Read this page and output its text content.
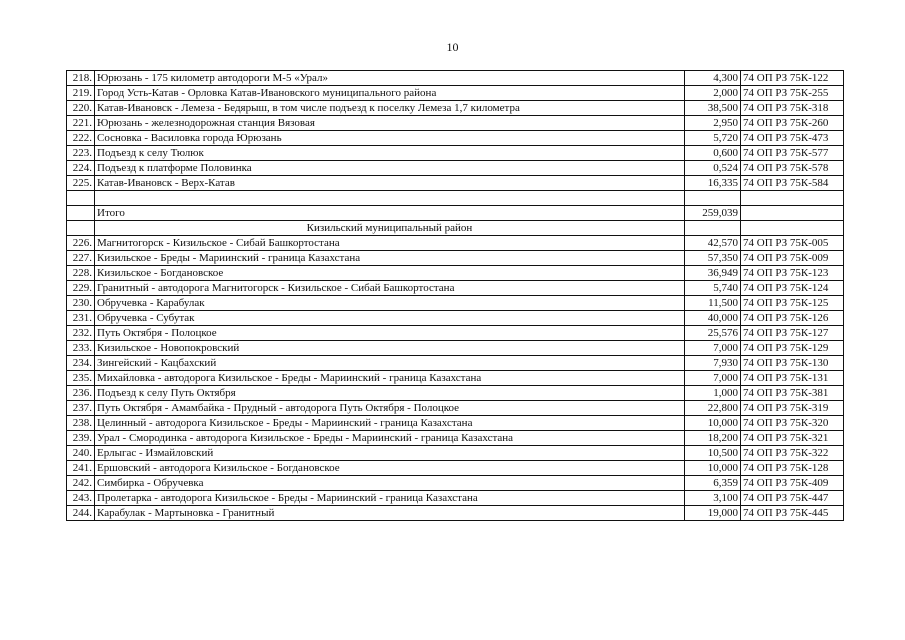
10
218.	Юрюзань - 175 километр автодороги М-5 «Урал»	4,300	74 ОП РЗ 75К-122
219.	Город Усть-Катав - Орловка Катав-Ивановского муниципального района	2,000	74 ОП РЗ 75К-255
220.	Катав-Ивановск - Лемеза - Бедярыш, в том числе подъезд к поселку Лемеза 1,7 километра	38,500	74 ОП РЗ 75К-318
221.	Юрюзань - железнодорожная станция Вязовая	2,950	74 ОП РЗ 75К-260
222.	Сосновка - Василовка города Юрюзань	5,720	74 ОП РЗ 75К-473
223.	Подъезд к селу Тюлюк	0,600	74 ОП РЗ 75К-577
224.	Подъезд к платформе Половинка	0,524	74 ОП РЗ 75К-578
225.	Катав-Ивановск - Верх-Катав	16,335	74 ОП РЗ 75К-584

	Итого	259,039	
	Кизильский муниципальный район		
226.	Магнитогорск - Кизильское - Сибай Башкортостана	42,570	74 ОП РЗ 75К-005
227.	Кизильское - Бреды - Мариинский - граница Казахстана	57,350	74 ОП РЗ 75К-009
228.	Кизильское - Богдановское	36,949	74 ОП РЗ 75К-123
229.	Гранитный - автодорога Магнитогорск - Кизильское - Сибай Башкортостана	5,740	74 ОП РЗ 75К-124
230.	Обручевка - Карабулак	11,500	74 ОП РЗ 75К-125
231.	Обручевка - Субутак	40,000	74 ОП РЗ 75К-126
232.	Путь Октября - Полоцкое	25,576	74 ОП РЗ 75К-127
233.	Кизильское - Новопокровский	7,000	74 ОП РЗ 75К-129
234.	Зингейский - Кацбахский	7,930	74 ОП РЗ 75К-130
235.	Михайловка - автодорога Кизильское - Бреды - Мариинский - граница Казахстана	7,000	74 ОП РЗ 75К-131
236.	Подъезд к селу Путь Октября	1,000	74 ОП РЗ 75К-381
237.	Путь Октября - Амамбайка - Прудный - автодорога Путь Октября - Полоцкое	22,800	74 ОП РЗ 75К-319
238.	Целинный - автодорога Кизильское - Бреды - Мариинский - граница Казахстана	10,000	74 ОП РЗ 75К-320
239.	Урал - Смородинка - автодорога Кизильское - Бреды - Мариинский - граница Казахстана	18,200	74 ОП РЗ 75К-321
240.	Ерлыгас - Измайловский	10,500	74 ОП РЗ 75К-322
241.	Ершовский - автодорога Кизильское - Богдановское	10,000	74 ОП РЗ 75К-128
242.	Симбирка - Обручевка	6,359	74 ОП РЗ 75К-409
243.	Пролетарка - автодорога Кизильское - Бреды - Мариинский - граница Казахстана	3,100	74 ОП РЗ 75К-447
244.	Карабулак - Мартыновка - Гранитный	19,000	74 ОП РЗ 75К-445
